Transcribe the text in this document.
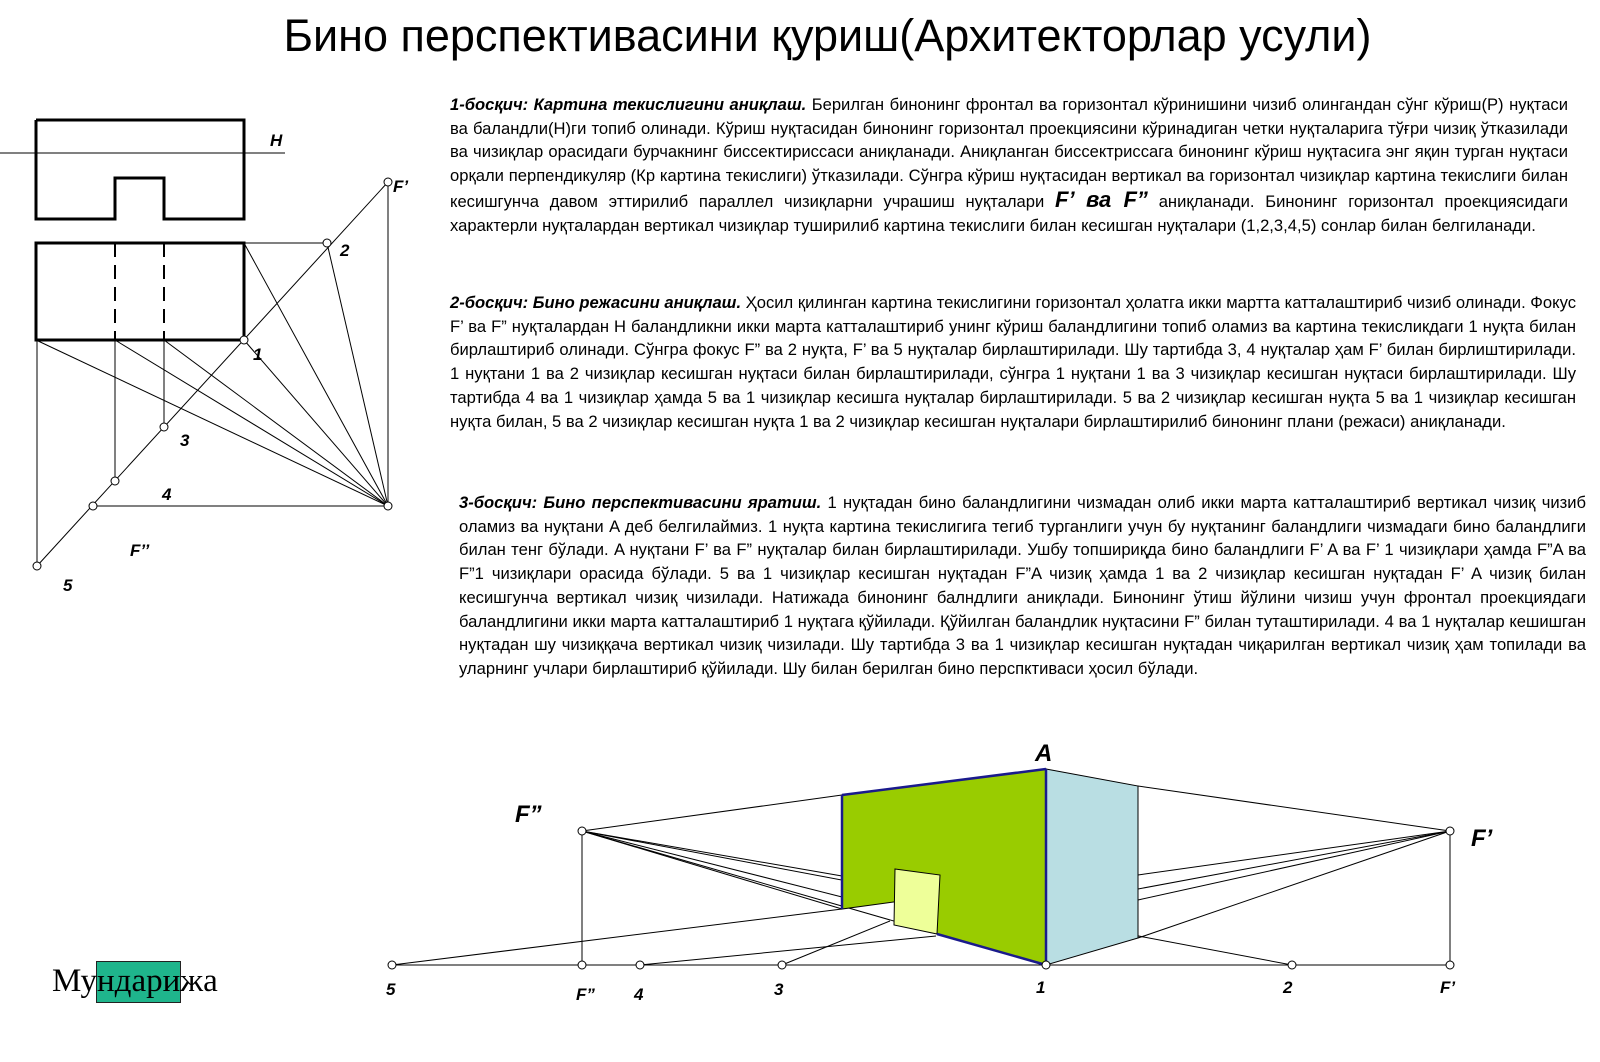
Бино перспективасини қуриш(Архитекторлар усули)
1-босқич: Картина текислигини аниқлаш. Берилган бинонинг фронтал ва горизонтал кўринишини чизиб олингандан сўнг кўриш(Р) нуқтаси ва баландли(Н)ги топиб олинади. Кўриш нуқтасидан бинонинг горизонтал проекциясини кўринадиган четки нуқталарига тўғри чизиқ ўтказилади ва чизиқлар орасидаги бурчакнинг биссектириссаси аниқланади. Аниқланган биссектриссага бинонинг кўриш нуқтасига энг яқин турган нуқтаси орқали перпендикуляр (Кр картина текислиги) ўтказилади. Сўнгра кўриш нуқтасидан вертикал ва горизонтал чизиқлар картина текислиги билан кесишгунча давом эттирилиб параллел чизиқларни учрашиш нуқталари F’ ва F” аниқланади. Бинонинг горизонтал проекциясидаги характерли нуқталардан вертикал чизиқлар туширилиб картина текислиги билан кесишган нуқталари (1,2,3,4,5) сонлар билан белгиланади.
2-босқич: Бино режасини аниқлаш. Ҳосил қилинган картина текислигини горизонтал ҳолатга икки мартта катталаштириб чизиб олинади. Фокус F’ ва F” нуқталардан Н баландликни икки марта катталаштириб унинг кўриш баландлигини топиб оламиз ва картина текисликдаги 1 нуқта билан бирлаштириб олинади. Сўнгра фокус F” ва 2 нуқта, F’ ва 5 нуқталар бирлаштирилади. Шу тартибда 3, 4 нуқталар ҳам F’ билан бирлиштирилади. 1 нуқтани 1 ва 2 чизиқлар кесишган нуқтаси билан бирлаштирилади, сўнгра 1 нуқтани 1 ва 3 чизиқлар кесишган нуқтаси бирлаштирилади. Шу тартибда 4 ва 1 чизиқлар ҳамда 5 ва 1 чизиқлар кесишга нуқталар бирлаштирилади. 5 ва 2 чизиқлар кесишган нуқта 5 ва 1 чизиқлар кесишган нуқта билан, 5 ва 2 чизиқлар кесишган нуқта 1 ва 2 чизиқлар кесишган нуқталари бирлаштирилиб бинонинг плани (режаси) аниқланади.
3-босқич: Бино перспективасини яратиш. 1 нуқтадан бино баландлигини чизмадан олиб икки марта катталаштириб вертикал чизиқ чизиб оламиз ва нуқтани A деб белгилаймиз. 1 нуқта картина текислигига тегиб турганлиги учун бу нуқтанинг баландлиги чизмадаги бино баландлиги билан тенг бўлади. A нуқтани F’ ва F” нуқталар билан бирлаштирилади. Ушбу топшириқда бино баландлиги F’ A ва F’ 1 чизиқлари ҳамда F”A ва F”1 чизиқлари орасида бўлади. 5 ва 1 чизиқлар кесишган нуқтадан F”A чизиқ ҳамда 1 ва 2 чизиқлар кесишган нуқтадан F’ A чизиқ билан кесишгунча вертикал чизиқ чизилади. Натижада бинонинг балндлиги аниқлади. Бинонинг ўтиш йўлини чизиш учун фронтал проекциядаги баландлигини икки марта катталаштириб 1 нуқтага қўйилади. Қўйилган баландлик нуқтасини F” билан туташтирилади. 4 ва 1 нуқталар кешишган нуқтадан шу чизиққача вертикал чизиқ чизилади. Шу тартибда 3 ва 1 чизиқлар кесишган нуқтадан чиқарилган вертикал чизиқ ҳам топилади ва уларнинг учлари бирлаштириб қўйилади. Шу билан берилган бино перспктиваси ҳосил бўлади.
H
F’
2
1
3
4
F’’
5
A
F”
F’
5	F” 4	3	1	2	F’
Мундарижа
